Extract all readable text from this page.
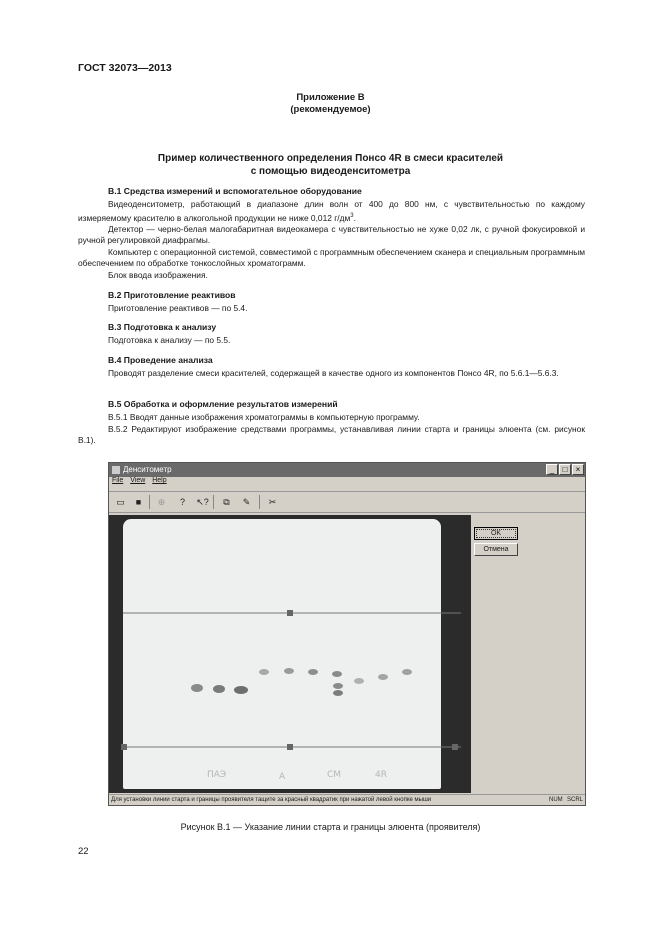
ГОСТ 32073—2013
Приложение В
(рекомендуемое)
Пример количественного определения Понсо 4R в смеси красителей
с помощью видеоденситометра
В.1 Средства измерений и вспомогательное оборудование

Видеоденситометр, работающий в диапазоне длин волн от 400 до 800 нм, с чувствительностью по каждому измеряемому красителю в алкогольной продукции не ниже 0,012 $г/дм^3$.

Детектор — черно-белая малогабаритная видеокамера с чувствительностью не хуже 0,02 лк, с ручной фокусировкой и ручной регулировкой диафрагмы.

Компьютер с операционной системой, совместимой с программным обеспечением сканера и специальным программным обеспечением по обработке тонкослойных хроматограмм.

Блок ввода изображения.

В.2 Приготовление реактивов
Приготовление реактивов — по 5.4.
В.3 Подготовка к анализу
Подготовка к анализу — по 5.5.
В.4 Проведение анализа
Проводят разделение смеси красителей, содержащей в качестве одного из компонентов Понсо 4R, по 5.6.1—5.6.3.
В.5 Обработка и оформление результатов измерений

В.5.1 Вводят данные изображения хроматограммы в компьютерную программу.

В.5.2 Редактируют изображение средствами программы, устанавливая линии старта и границы элюента (см. рисунок В.1).

Денситометр	_	□	×
File View Help
▭	■	⊕	?	↖?	⧉	✎	✂
ПАЭ	A	СМ	4R
OK
Отмена
Для установки линии старта и границы проявителя тащите за красный квадратик при нажатой левой кнопке мыши	NUM SCRL
Рисунок В.1 — Указание линии старта и границы элюента (проявителя)
22
